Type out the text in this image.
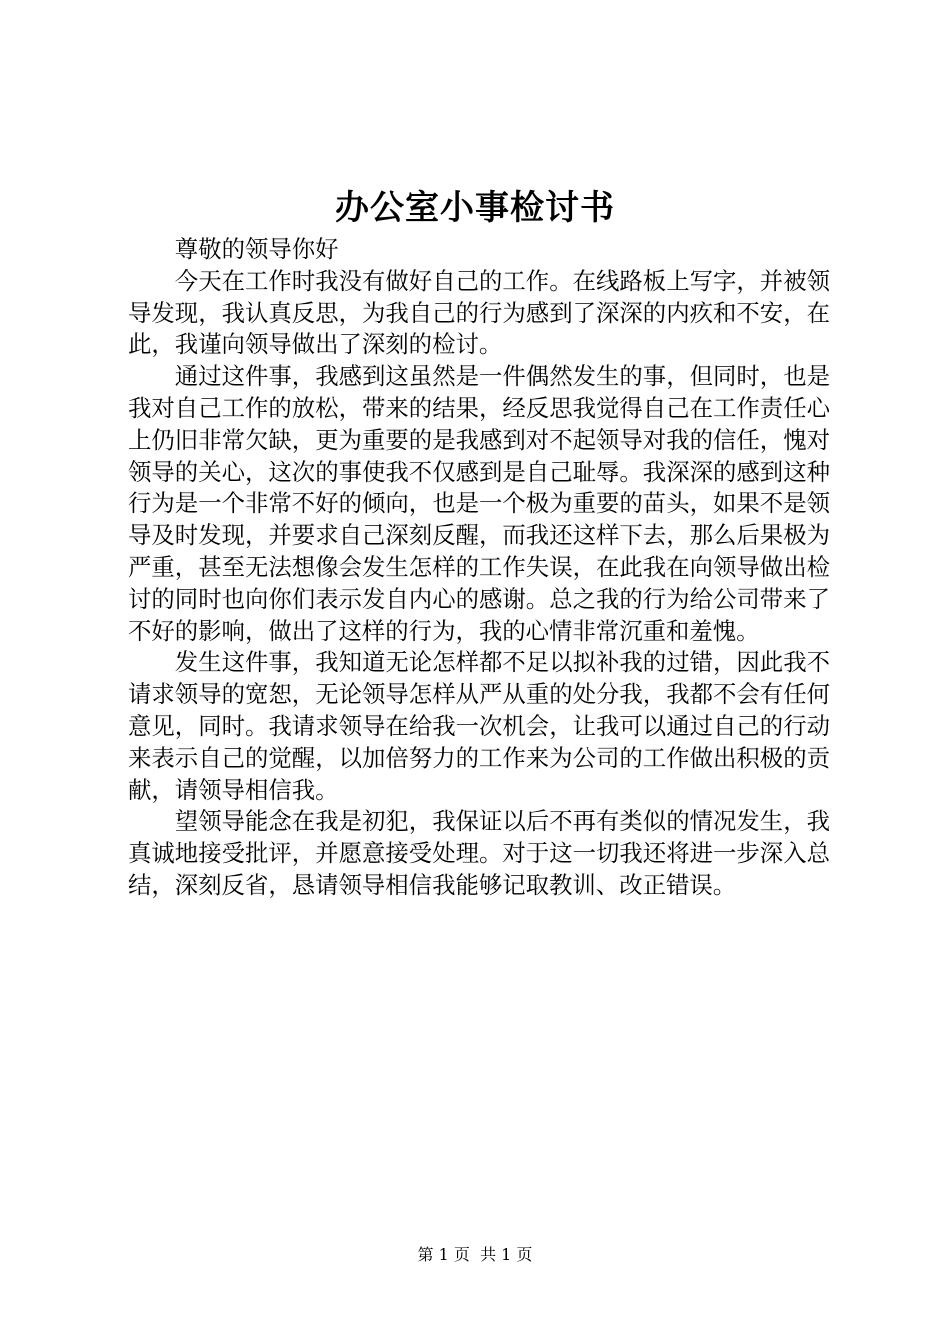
办公室小事检讨书

尊敬的领导你好

今天在工作时我没有做好自己的工作。在线路板上写字，并被领导发现，我认真反思，为我自己的行为感到了深深的内疚和不安，在此，我谨向领导做出了深刻的检讨。

通过这件事，我感到这虽然是一件偶然发生的事，但同时，也是我对自己工作的放松，带来的结果，经反思我觉得自己在工作责任心上仍旧非常欠缺，更为重要的是我感到对不起领导对我的信任，愧对领导的关心，这次的事使我不仅感到是自己耻辱。我深深的感到这种行为是一个非常不好的倾向，也是一个极为重要的苗头，如果不是领导及时发现，并要求自己深刻反醒，而我还这样下去，那么后果极为严重，甚至无法想像会发生怎样的工作失误，在此我在向领导做出检讨的同时也向你们表示发自内心的感谢。总之我的行为给公司带来了不好的影响，做出了这样的行为，我的心情非常沉重和羞愧。

发生这件事，我知道无论怎样都不足以拟补我的过错，因此我不请求领导的宽恕，无论领导怎样从严从重的处分我，我都不会有任何意见，同时。我请求领导在给我一次机会，让我可以通过自己的行动来表示自己的觉醒，以加倍努力的工作来为公司的工作做出积极的贡献，请领导相信我。

望领导能念在我是初犯，我保证以后不再有类似的情况发生，我真诚地接受批评，并愿意接受处理。对于这一切我还将进一步深入总结，深刻反省，恳请领导相信我能够记取教训、改正错误。

第 1 页  共 1 页
